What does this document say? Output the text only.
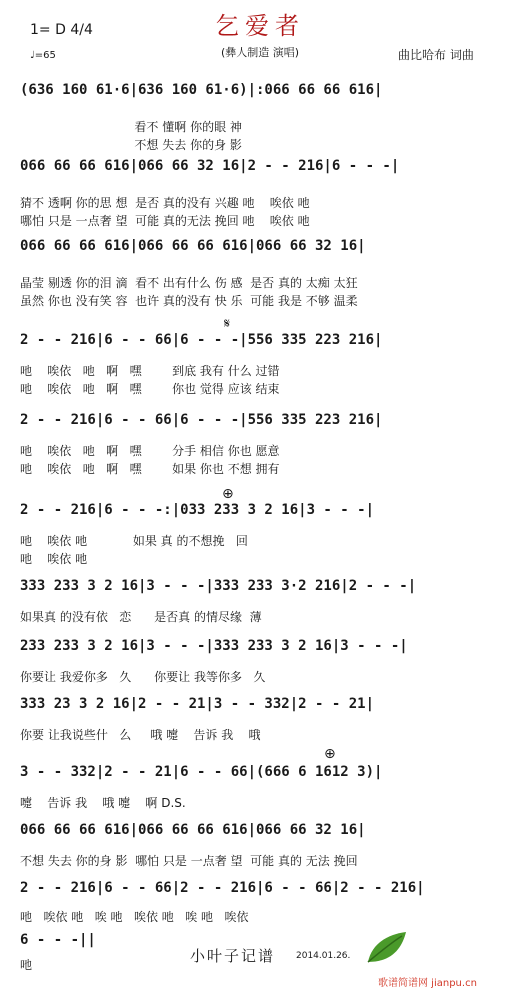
1= D 4/4
♩=65
乞爱者
(彝人制造 演唱)	曲比哈布 词曲
(636 160 61·6|636 160 61·6)|:066 66 66 616|
看不 懂啊 你的眼 神
不想 失去 你的身 影
066 66 66 616|066 66 32 16|2 - - 216|6 - - -|
猜不 透啊 你的思 想  是否 真的没有 兴趣 吔    唉依 吔
哪怕 只是 一点奢 望  可能 真的无法 挽回 吔    唉依 吔
066 66 66 616|066 66 66 616|066 66 32 16|
晶莹 剔透 你的泪 滴  看不 出有什么 伤 感  是否 真的 太痴 太狂
虽然 你也 没有笑 容  也许 真的没有 快 乐  可能 我是 不够 温柔
𝄋
2 - - 216|6 - - 66|6 - - -|556 335 223 216|
吔    唉依   吔   啊   嘿        到底 我有 什么 过错
吔    唉依   吔   啊   嘿        你也 觉得 应该 结束
2 - - 216|6 - - 66|6 - - -|556 335 223 216|
吔    唉依   吔   啊   嘿        分手 相信 你也 愿意
吔    唉依   吔   啊   嘿        如果 你也 不想 拥有
⊕
2 - - 216|6 - - -:|033 233 3 2 16|3 - - -|
吔    唉依 吔            如果 真 的不想挽   回
吔    唉依 吔
333 233 3 2 16|3 - - -|333 233 3·2 216|2 - - -|
如果真 的没有依   恋      是否真 的情尽缘  薄
233 233 3 2 16|3 - - -|333 233 3 2 16|3 - - -|
你要让 我爱你多   久      你要让 我等你多   久
333 23 3 2 16|2 - - 21|3 - - 332|2 - - 21|
你要 让我说些什   么     哦 嚏    告诉 我    哦
⊕
3 - - 332|2 - - 21|6 - - 66|(666 6 1612 3)|
嚏    告诉 我    哦 嚏    啊 D.S.
066 66 66 616|066 66 66 616|066 66 32 16|
不想 失去 你的身 影  哪怕 只是 一点奢 望  可能 真的 无法 挽回
2 - - 216|6 - - 66|2 - - 216|6 - - 66|2 - - 216|
吔   唉依 吔   唉 吔   唉依 吔   唉 吔   唉依
6 - - -||
吔	小叶子记谱 2014.01.26.
歌谱简谱网 jianpu.cn
